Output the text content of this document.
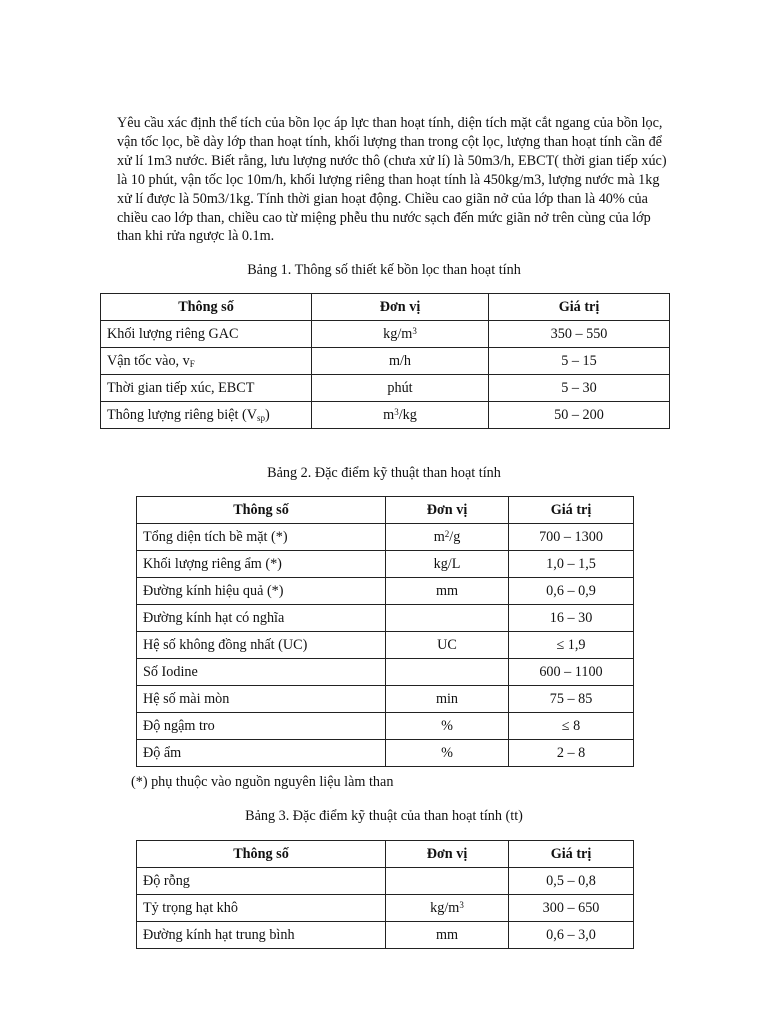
Yêu cầu xác định thể tích của bồn lọc áp lực than hoạt tính, diện tích mặt cắt ngang của bồn lọc, vận tốc lọc, bề dày lớp than hoạt tính, khối lượng than trong cột lọc, lượng than hoạt tính cần để xử lí 1m3 nước. Biết rằng, lưu lượng nước thô (chưa xử lí) là 50m3/h, EBCT( thời gian tiếp xúc) là 10 phút, vận tốc lọc 10m/h, khối lượng riêng than hoạt tính là 450kg/m3, lượng nước mà 1kg xử lí được là 50m3/1kg. Tính thời gian hoạt động. Chiều cao giãn nở của lớp than là 40% của chiều cao lớp than, chiều cao từ miệng phễu thu nước sạch đến mức giãn nở trên cùng của lớp than khi rửa ngược là 0.1m.
Bảng 1. Thông số thiết kế bồn lọc than hoạt tính
Thông số	Đơn vị	Giá trị
Khối lượng riêng GAC	$kg/m^3$	350 – 550
Vận tốc vào, $v_F$	m/h	5 – 15
Thời gian tiếp xúc, EBCT	phút	5 – 30
Thông lượng riêng biệt $(V_{sp})$	$m^3/kg$	50 – 200
Bảng 2. Đặc điểm kỹ thuật than hoạt tính
Thông số	Đơn vị	Giá trị
Tổng diện tích bề mặt (*)	$m^2/g$	700 – 1300
Khối lượng riêng ẩm (*)	kg/L	1,0 – 1,5
Đường kính hiệu quả (*)	mm	0,6 – 0,9
Đường kính hạt có nghĩa		16 – 30
Hệ số không đồng nhất (UC)	UC	≤ 1,9
Số Iodine		600 – 1100
Hệ số mài mòn	min	75 – 85
Độ ngậm tro	%	≤ 8
Độ ẩm	%	2 – 8
(*) phụ thuộc vào nguồn nguyên liệu làm than
Bảng 3. Đặc điểm kỹ thuật của than hoạt tính (tt)
Thông số	Đơn vị	Giá trị
Độ rỗng		0,5 – 0,8
Tỷ trọng hạt khô	$kg/m^3$	300 – 650
Đường kính hạt trung bình	mm	0,6 – 3,0
